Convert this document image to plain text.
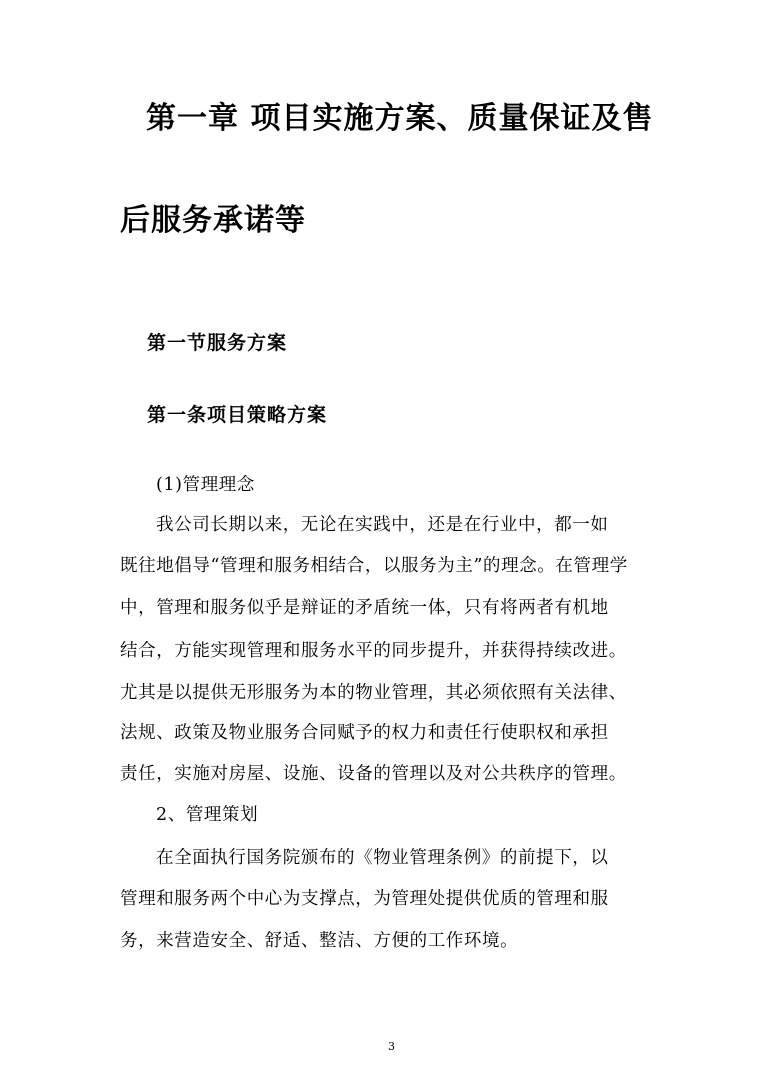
第一章 项目实施方案、质量保证及售
后服务承诺等
第一节服务方案
第一条项目策略方案
(1)管理理念
我公司长期以来，无论在实践中，还是在行业中，都一如
既往地倡导“管理和服务相结合，以服务为主”的理念。在管理学
中，管理和服务似乎是辩证的矛盾统一体，只有将两者有机地
结合，方能实现管理和服务水平的同步提升，并获得持续改进。
尤其是以提供无形服务为本的物业管理，其必须依照有关法律、
法规、政策及物业服务合同赋予的权力和责任行使职权和承担
责任，实施对房屋、设施、设备的管理以及对公共秩序的管理。
2、管理策划
在全面执行国务院颁布的《物业管理条例》的前提下，以
管理和服务两个中心为支撑点，为管理处提供优质的管理和服
务，来营造安全、舒适、整洁、方便的工作环境。
3
